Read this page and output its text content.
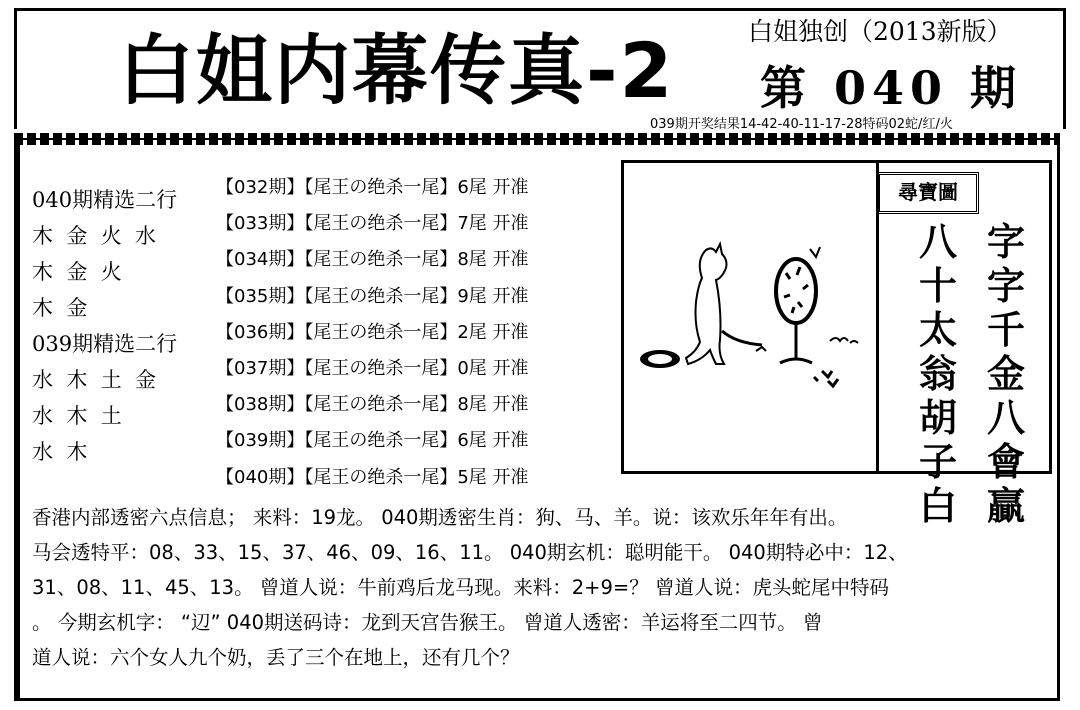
白姐内幕传真-2	白姐独创（2013新版）
第 040 期
039期开奖结果14-42-40-11-17-28特码02蛇/红/火
040期精选二行
木  金  火  水
木  金  火
木  金
039期精选二行
水  木  土  金
水  木  土
水  木
【032期】【尾王の绝杀一尾】6尾 开准
【033期】【尾王の绝杀一尾】7尾 开准
【034期】【尾王の绝杀一尾】8尾 开准
【035期】【尾王の绝杀一尾】9尾 开准
【036期】【尾王の绝杀一尾】2尾 开准
【037期】【尾王の绝杀一尾】0尾 开准
【038期】【尾王の绝杀一尾】8尾 开准
【039期】【尾王の绝杀一尾】6尾 开准
【040期】【尾王の绝杀一尾】5尾 开准
尋寶圖
字字千金八會贏
八十太翁胡子白
香港内部透密六点信息； 来料：19龙。 040期透密生肖：狗、马、羊。说：该欢乐年年有出。
马会透特平：08、33、15、37、46、09、16、11。 040期玄机：聪明能干。 040期特必中：12、
31、08、11、45、13。 曾道人说：牛前鸡后龙马现。来料：2+9=？ 曾道人说：虎头蛇尾中特码
。 今期玄机字： “辺” 040期送码诗：龙到天宫告猴王。 曾道人透密：羊运将至二四节。 曾
道人说：六个女人九个奶，丢了三个在地上，还有几个？
